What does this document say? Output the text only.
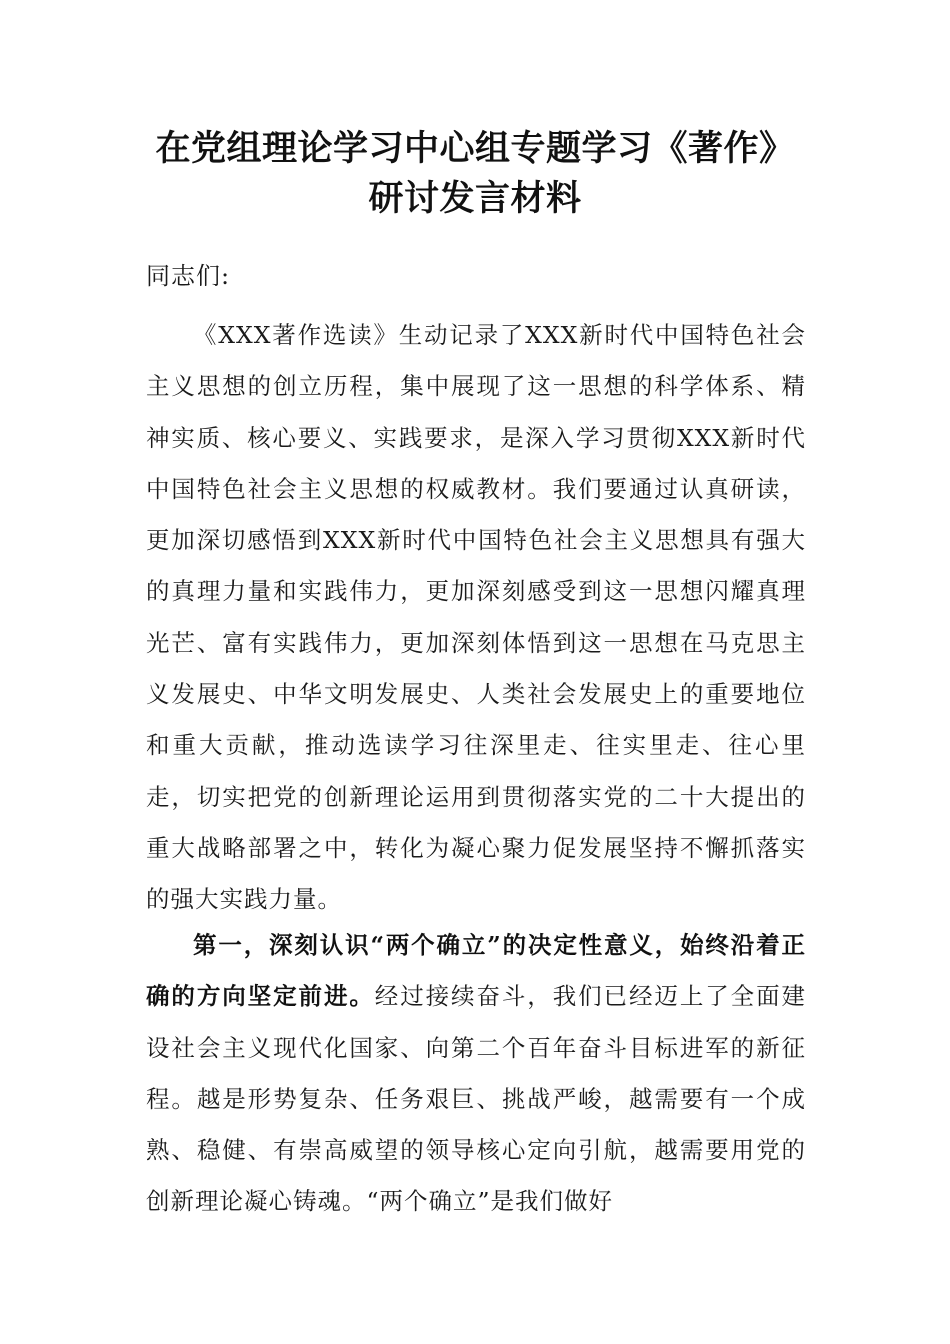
在党组理论学习中心组专题学习《著作》
研讨发言材料
同志们:

《XXX著作选读》生动记录了XXX新时代中国特色社会主义思想的创立历程，集中展现了这一思想的科学体系、精神实质、核心要义、实践要求，是深入学习贯彻XXX新时代中国特色社会主义思想的权威教材。我们要通过认真研读，更加深切感悟到XXX新时代中国特色社会主义思想具有强大的真理力量和实践伟力，更加深刻感受到这一思想闪耀真理光芒、富有实践伟力，更加深刻体悟到这一思想在马克思主义发展史、中华文明发展史、人类社会发展史上的重要地位和重大贡献，推动选读学习往深里走、往实里走、往心里走，切实把党的创新理论运用到贯彻落实党的二十大提出的重大战略部署之中，转化为凝心聚力促发展坚持不懈抓落实的强大实践力量。

第一，深刻认识“两个确立”的决定性意义，始终沿着正确的方向坚定前进。经过接续奋斗，我们已经迈上了全面建设社会主义现代化国家、向第二个百年奋斗目标进军的新征程。越是形势复杂、任务艰巨、挑战严峻，越需要有一个成熟、稳健、有崇高威望的领导核心定向引航，越需要用党的创新理论凝心铸魂。“两个确立”是我们做好
